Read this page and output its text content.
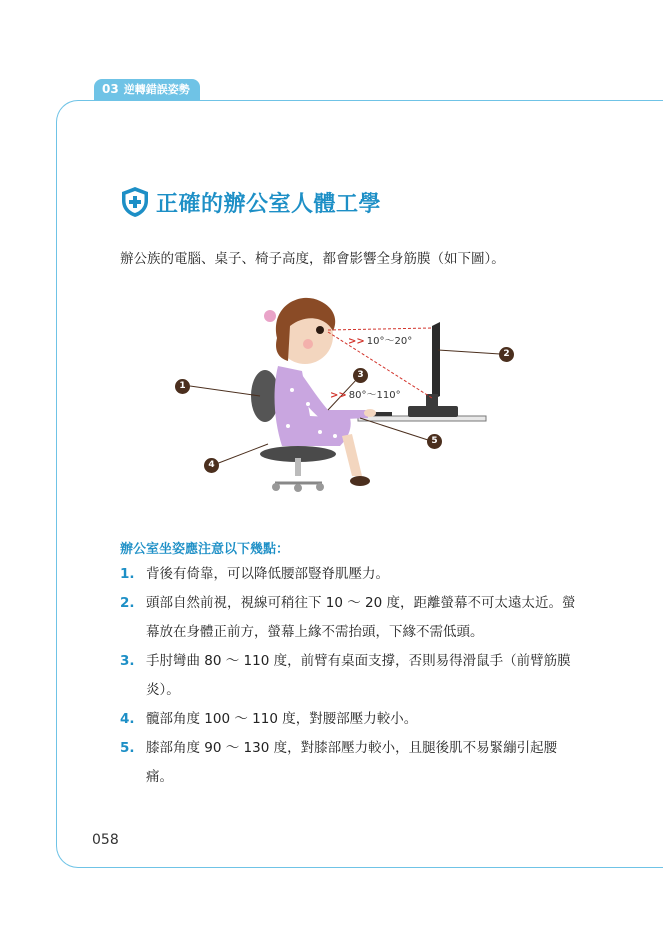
03 逆轉錯誤姿勢
正確的辦公室人體工學
辦公族的電腦、桌子、椅子高度，都會影響全身筋膜（如下圖）。
1
2
3
4
5
>> 10°～20°
>> 80°～110°
辦公室坐姿應注意以下幾點：
1. 背後有倚靠，可以降低腰部豎脊肌壓力。
2. 頭部自然前視，視線可稍往下 10 ～ 20 度，距離螢幕不可太遠太近。螢幕放在身體正前方，螢幕上緣不需抬頭，下緣不需低頭。
3. 手肘彎曲 80 ～ 110 度，前臂有桌面支撐，否則易得滑鼠手（前臂筋膜炎）。
4. 髖部角度 100 ～ 110 度，對腰部壓力較小。
5. 膝部角度 90 ～ 130 度，對膝部壓力較小，且腿後肌不易緊繃引起腰痛。
058
